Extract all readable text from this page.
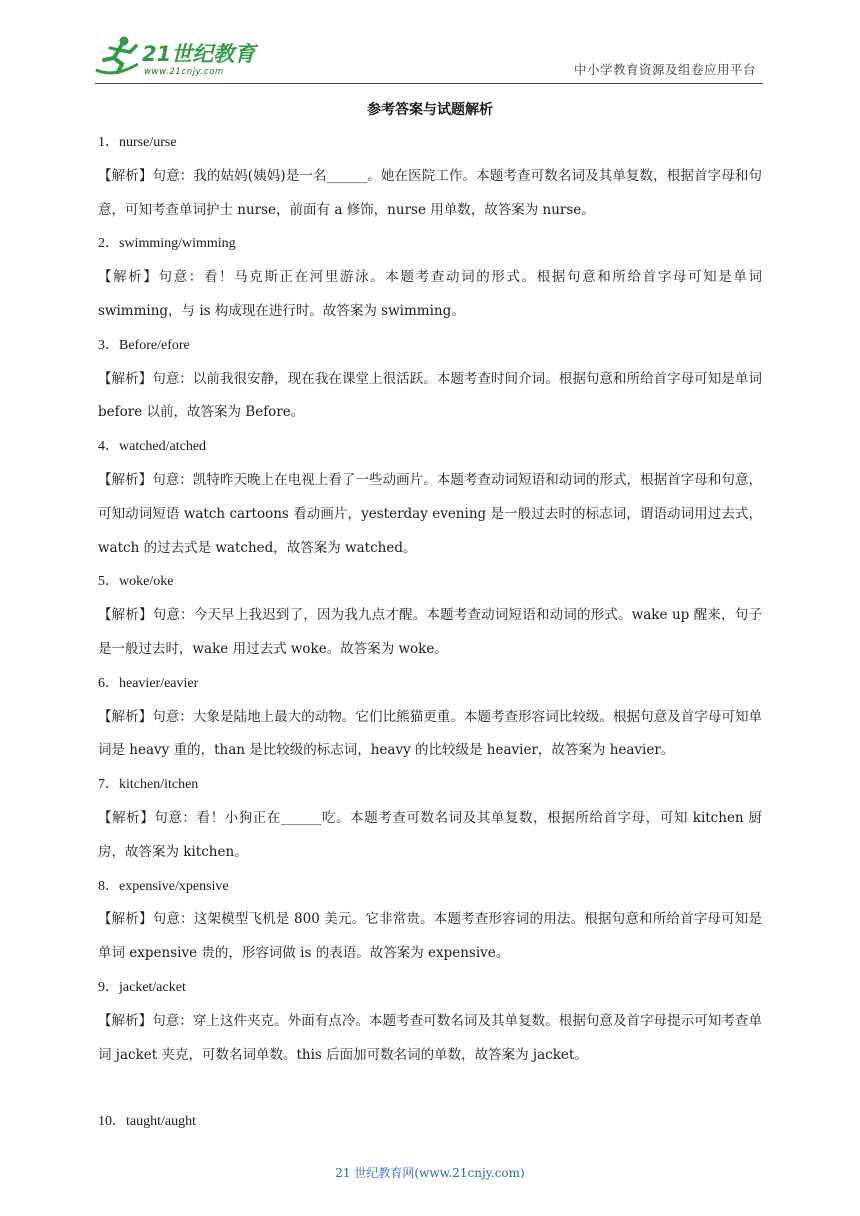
21世纪教育
www.21cnjy.com	中小学教育资源及组卷应用平台
参考答案与试题解析

1．nurse/urse

【解析】句意：我的姑妈(姨妈)是一名______。她在医院工作。本题考查可数名词及其单复数，根据首字母和句意，可知考查单词护士 nurse，前面有 a 修饰，nurse 用单数，故答案为 nurse。

2．swimming/wimming

【解析】句意：看！马克斯正在河里游泳。本题考查动词的形式。根据句意和所给首字母可知是单词 swimming，与 is 构成现在进行时。故答案为 swimming。

3．Before/efore

【解析】句意：以前我很安静，现在我在课堂上很活跃。本题考查时间介词。根据句意和所给首字母可知是单词 before 以前，故答案为 Before。

4．watched/atched

【解析】句意：凯特昨天晚上在电视上看了一些动画片。本题考查动词短语和动词的形式，根据首字母和句意，可知动词短语 watch cartoons 看动画片，yesterday evening 是一般过去时的标志词，谓语动词用过去式，watch 的过去式是 watched，故答案为 watched。

5．woke/oke

【解析】句意：今天早上我迟到了，因为我九点才醒。本题考查动词短语和动词的形式。wake up 醒来，句子是一般过去时，wake 用过去式 woke。故答案为 woke。

6．heavier/eavier

【解析】句意：大象是陆地上最大的动物。它们比熊猫更重。本题考查形容词比较级。根据句意及首字母可知单词是 heavy 重的，than 是比较级的标志词，heavy 的比较级是 heavier，故答案为 heavier。

7．kitchen/itchen

【解析】句意：看！小狗正在______吃。本题考查可数名词及其单复数，根据所给首字母，可知 kitchen 厨房，故答案为 kitchen。

8．expensive/xpensive

【解析】句意：这架模型飞机是 800 美元。它非常贵。本题考查形容词的用法。根据句意和所给首字母可知是单词 expensive 贵的，形容词做 is 的表语。故答案为 expensive。

9．jacket/acket

【解析】句意：穿上这件夹克。外面有点冷。本题考查可数名词及其单复数。根据句意及首字母提示可知考查单词 jacket 夹克，可数名词单数。this 后面加可数名词的单数，故答案为 jacket。

10．taught/aught

21 世纪教育网(www.21cnjy.com)
